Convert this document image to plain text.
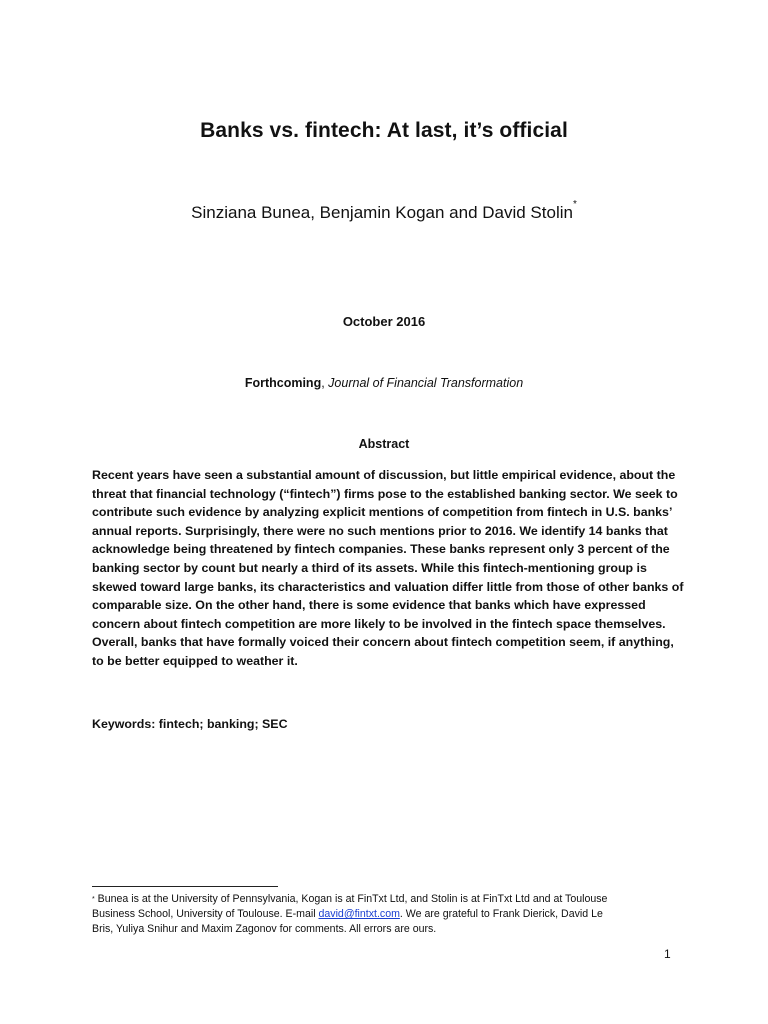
Banks vs. fintech: At last, it’s official
Sinziana Bunea, Benjamin Kogan and David Stolin*
October 2016
Forthcoming, Journal of Financial Transformation
Abstract
Recent years have seen a substantial amount of discussion, but little empirical evidence, about the
threat that financial technology (“fintech”) firms pose to the established banking sector. We seek to
contribute such evidence by analyzing explicit mentions of competition from fintech in U.S. banks’
annual reports. Surprisingly, there were no such mentions prior to 2016. We identify 14 banks that
acknowledge being threatened by fintech companies. These banks represent only 3 percent of the
banking sector by count but nearly a third of its assets. While this fintech-mentioning group is
skewed toward large banks, its characteristics and valuation differ little from those of other banks of
comparable size. On the other hand, there is some evidence that banks which have expressed
concern about fintech competition are more likely to be involved in the fintech space themselves.
Overall, banks that have formally voiced their concern about fintech competition seem, if anything,
to be better equipped to weather it.
Keywords: fintech; banking; SEC
* Bunea is at the University of Pennsylvania, Kogan is at FinTxt Ltd, and Stolin is at FinTxt Ltd and at Toulouse
Business School, University of Toulouse. E-mail david@fintxt.com. We are grateful to Frank Dierick, David Le
Bris, Yuliya Snihur and Maxim Zagonov for comments. All errors are ours.
1
